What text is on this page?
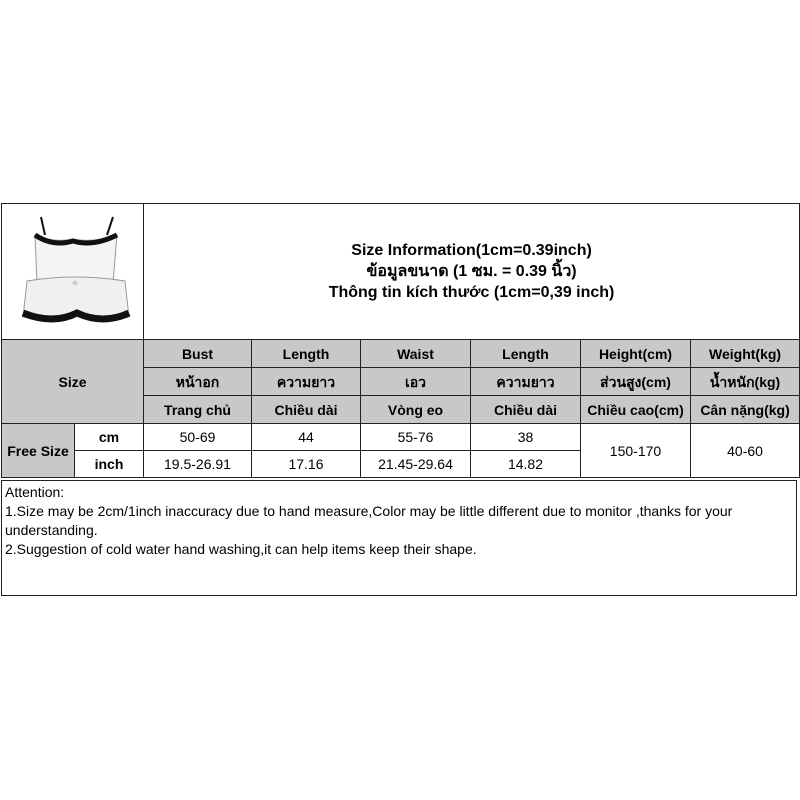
Size Information(1cm=0.39inch)
ข้อมูลขนาด (1 ซม. = 0.39 นิ้ว)
Thông tin kích thước (1cm=0,39 inch)					

Size		Bust	Length	Waist	Length	Height(cm)	Weight(kg)
		หน้าอก	ความยาว	เอว	ความยาว	ส่วนสูง(cm)	น้ำหนัก(kg)
		Trang chủ	Chiều dài	Vòng eo	Chiều dài	Chiều cao(cm)	Cân nặng(kg)
Free Size	cm	50-69	44	55-76	38	150-170	40-60
	inch	19.5-26.91	17.16	21.45-29.64	14.82		
Attention:
1.Size may be 2cm/1inch inaccuracy due to hand measure,Color may be little different due to monitor ,thanks for your understanding.
2.Suggestion of cold water hand washing,it can help items keep their shape.
